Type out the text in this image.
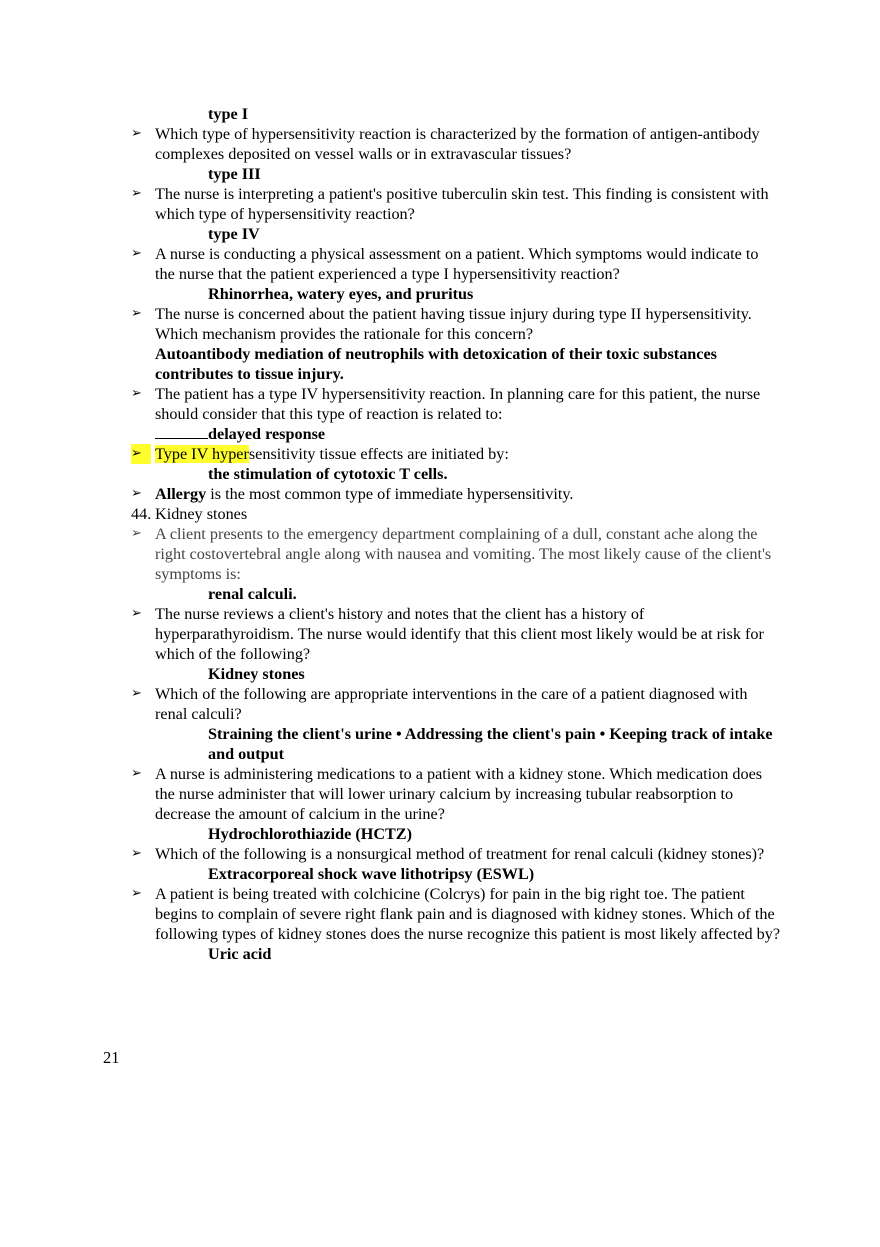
type I
➢ Which type of hypersensitivity reaction is characterized by the formation of antigen-antibody complexes deposited on vessel walls or in extravascular tissues?
type III
➢ The nurse is interpreting a patient's positive tuberculin skin test. This finding is consistent with which type of hypersensitivity reaction?
type IV
➢ A nurse is conducting a physical assessment on a patient. Which symptoms would indicate to the nurse that the patient experienced a type I hypersensitivity reaction?
Rhinorrhea, watery eyes, and pruritus
➢ The nurse is concerned about the patient having tissue injury during type II hypersensitivity. Which mechanism provides the rationale for this concern?
Autoantibody mediation of neutrophils with detoxication of their toxic substances contributes to tissue injury.
➢ The patient has a type IV hypersensitivity reaction. In planning care for this patient, the nurse should consider that this type of reaction is related to:
delayed response
➢ Type IV hypersensitivity tissue effects are initiated by:
the stimulation of cytotoxic T cells.
➢ Allergy is the most common type of immediate hypersensitivity.
44. Kidney stones
➢ A client presents to the emergency department complaining of a dull, constant ache along the right costovertebral angle along with nausea and vomiting. The most likely cause of the client's symptoms is:
renal calculi.
➢ The nurse reviews a client's history and notes that the client has a history of hyperparathyroidism. The nurse would identify that this client most likely would be at risk for which of the following?
Kidney stones
➢ Which of the following are appropriate interventions in the care of a patient diagnosed with renal calculi?
Straining the client's urine • Addressing the client's pain • Keeping track of intake and output
➢ A nurse is administering medications to a patient with a kidney stone. Which medication does the nurse administer that will lower urinary calcium by increasing tubular reabsorption to decrease the amount of calcium in the urine?
Hydrochlorothiazide (HCTZ)
➢ Which of the following is a nonsurgical method of treatment for renal calculi (kidney stones)?
Extracorporeal shock wave lithotripsy (ESWL)
➢ A patient is being treated with colchicine (Colcrys) for pain in the big right toe. The patient begins to complain of severe right flank pain and is diagnosed with kidney stones. Which of the following types of kidney stones does the nurse recognize this patient is most likely affected by?
Uric acid
21
